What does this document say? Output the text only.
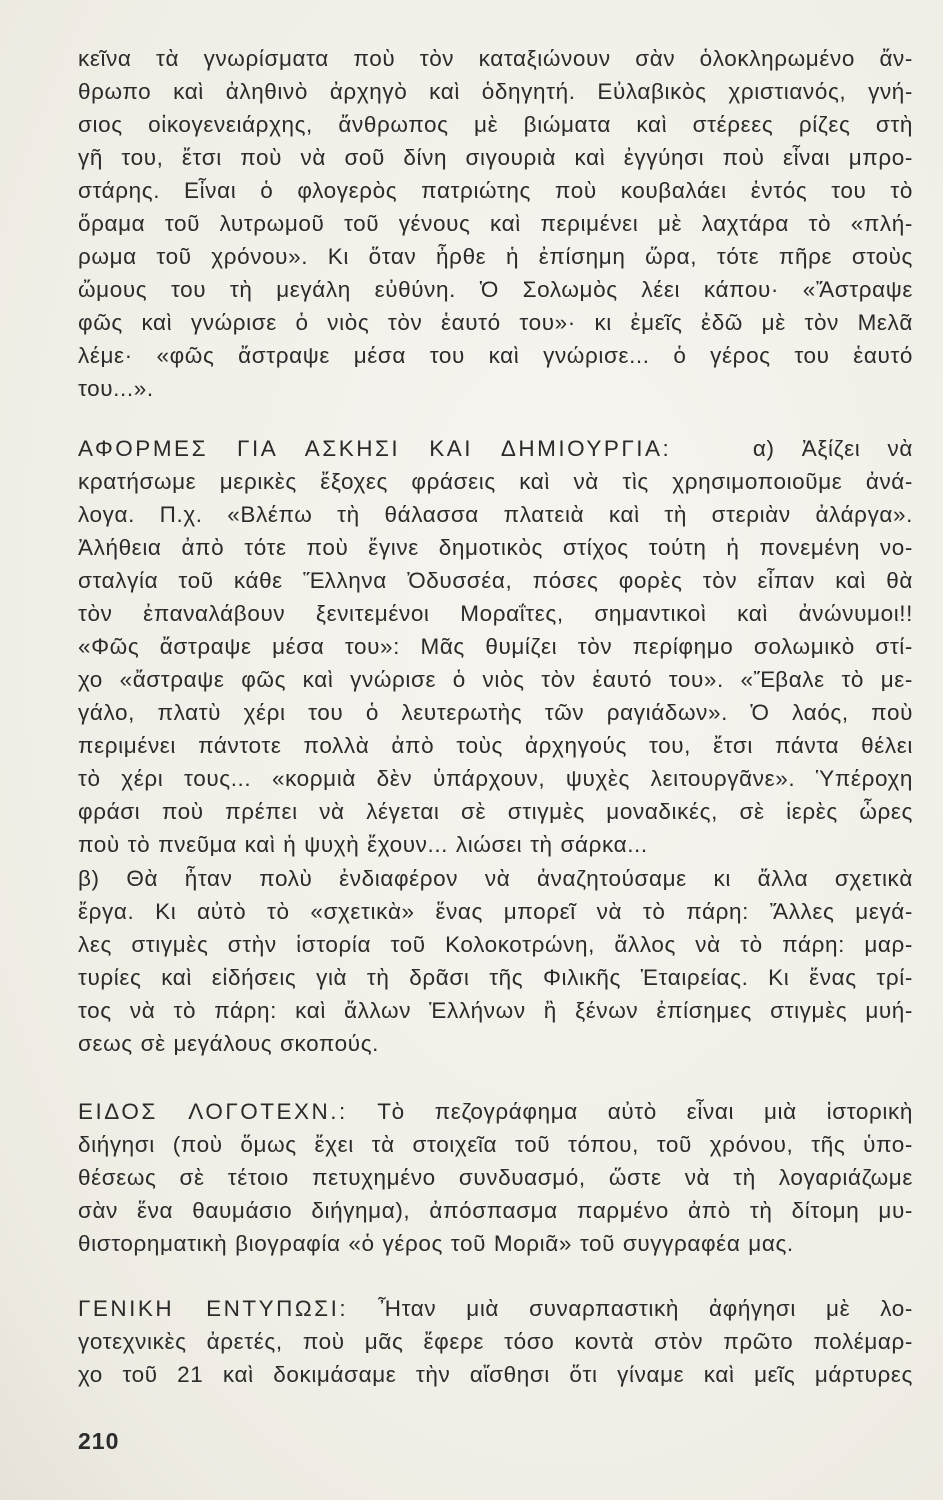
κεῖνα τὰ γνωρίσματα ποὺ τὸν καταξιώνουν σὰν ὁλοκληρωμένο ἄν-
θρωπο καὶ ἀληθινὸ ἀρχηγὸ καὶ ὁδηγητή. Εὐλαβικὸς χριστιανός, γνή-
σιος οἰκογενειάρχης, ἄνθρωπος μὲ βιώματα καὶ στέρεες ρίζες στὴ
γῆ του, ἔτσι ποὺ νὰ σοῦ δίνη σιγουριὰ καὶ ἐγγύησι ποὺ εἶναι μπρο-
στάρης. Εἶναι ὁ φλογερὸς πατριώτης ποὺ κουβαλάει ἐντός του τὸ
ὅραμα τοῦ λυτρωμοῦ τοῦ γένους καὶ περιμένει μὲ λαχτάρα τὸ «πλή-
ρωμα τοῦ χρόνου». Κι ὅταν ἦρθε ἡ ἐπίσημη ὥρα, τότε πῆρε στοὺς
ὤμους του τὴ μεγάλη εὐθύνη. Ὁ Σολωμὸς λέει κάπου· «Ἄστραψε
φῶς καὶ γνώρισε ὁ νιὸς τὸν ἑαυτό του»· κι ἐμεῖς ἐδῶ μὲ τὸν Μελᾶ
λέμε· «φῶς ἄστραψε μέσα του καὶ γνώρισε... ὁ γέρος του ἑαυτό
του...».
ΑΦΟΡΜΕΣ ΓΙΑ ΑΣΚΗΣΙ ΚΑΙ ΔΗΜΙΟΥΡΓΙΑ:	α) Ἀξίζει νὰ
κρατήσωμε μερικὲς ἔξοχες φράσεις καὶ νὰ τὶς χρησιμοποιοῦμε ἀνά-
λογα. Π.χ. «Βλέπω τὴ θάλασσα πλατειὰ καὶ τὴ στεριὰν ἀλάργα».
Ἀλήθεια ἀπὸ τότε ποὺ ἔγινε δημοτικὸς στίχος τούτη ἡ πονεμένη νο-
σταλγία τοῦ κάθε Ἕλληνα Ὀδυσσέα, πόσες φορὲς τὸν εἶπαν καὶ θὰ
τὸν ἐπαναλάβουν ξενιτεμένοι Μοραΐτες, σημαντικοὶ καὶ ἀνώνυμοι!!
«Φῶς ἄστραψε μέσα του»: Μᾶς θυμίζει τὸν περίφημο σολωμικὸ στί-
χο «ἄστραψε φῶς καὶ γνώρισε ὁ νιὸς τὸν ἑαυτό του». «Ἔβαλε τὸ με-
γάλο, πλατὺ χέρι του ὁ λευτερωτὴς τῶν ραγιάδων». Ὁ λαός, ποὺ
περιμένει πάντοτε πολλὰ ἀπὸ τοὺς ἀρχηγούς του, ἔτσι πάντα θέλει
τὸ χέρι τους... «κορμιὰ δὲν ὑπάρχουν, ψυχὲς λειτουργᾶνε». Ὑπέροχη
φράσι ποὺ πρέπει νὰ λέγεται σὲ στιγμὲς μοναδικές, σὲ ἱερὲς ὧρες
ποὺ τὸ πνεῦμα καὶ ἡ ψυχὴ ἔχουν... λιώσει τὴ σάρκα...
β) Θὰ ἦταν πολὺ ἐνδιαφέρον νὰ ἀναζητούσαμε κι ἄλλα σχετικὰ
ἔργα. Κι αὐτὸ τὸ «σχετικὰ» ἕνας μπορεῖ νὰ τὸ πάρη: Ἄλλες μεγά-
λες στιγμὲς στὴν ἱστορία τοῦ Κολοκοτρώνη, ἄλλος νὰ τὸ πάρη: μαρ-
τυρίες καὶ εἰδήσεις γιὰ τὴ δρᾶσι τῆς Φιλικῆς Ἑταιρείας. Κι ἕνας τρί-
τος νὰ τὸ πάρη: καὶ ἄλλων Ἑλλήνων ἢ ξένων ἐπίσημες στιγμὲς μυή-
σεως σὲ μεγάλους σκοπούς.
ΕΙΔΟΣ ΛΟΓΟΤΕΧΝ.: Τὸ πεζογράφημα αὐτὸ εἶναι μιὰ ἱστορικὴ
διήγησι (ποὺ ὅμως ἔχει τὰ στοιχεῖα τοῦ τόπου, τοῦ χρόνου, τῆς ὑπο-
θέσεως σὲ τέτοιο πετυχημένο συνδυασμό, ὥστε νὰ τὴ λογαριάζωμε
σὰν ἕνα θαυμάσιο διήγημα), ἀπόσπασμα παρμένο ἀπὸ τὴ δίτομη μυ-
θιστορηματικὴ βιογραφία «ὁ γέρος τοῦ Μοριᾶ» τοῦ συγγραφέα μας.
ΓΕΝΙΚΗ ΕΝΤΥΠΩΣΙ: Ἦταν μιὰ συναρπαστικὴ ἀφήγησι μὲ λο-
γοτεχνικὲς ἀρετές, ποὺ μᾶς ἔφερε τόσο κοντὰ στὸν πρῶτο πολέμαρ-
χο τοῦ 21 καὶ δοκιμάσαμε τὴν αἴσθησι ὅτι γίναμε καὶ μεῖς μάρτυρες
210
